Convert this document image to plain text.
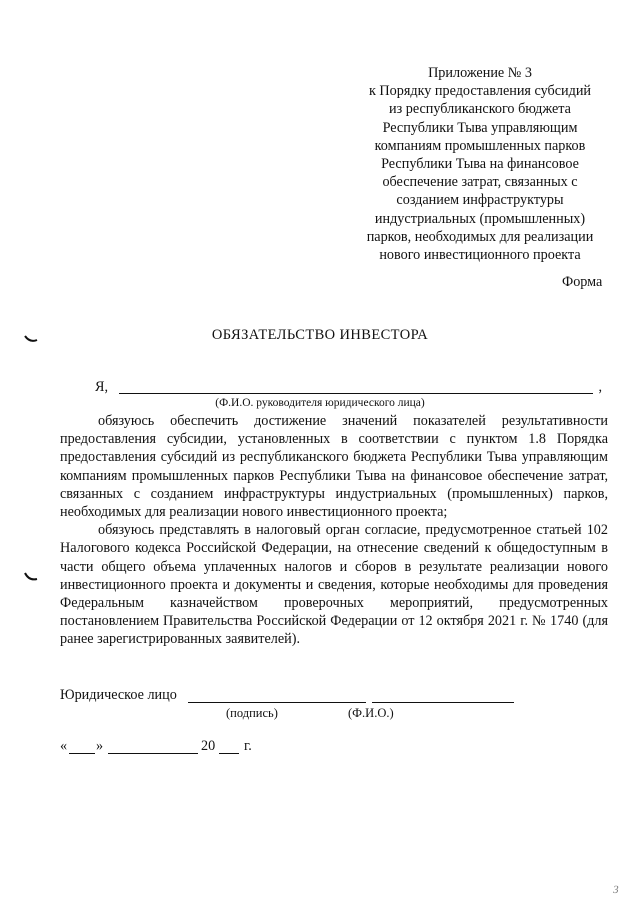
Приложение № 3
к Порядку предоставления субсидий
из республиканского бюджета
Республики Тыва управляющим
компаниям промышленных парков
Республики Тыва на финансовое
обеспечение затрат, связанных с
созданием инфраструктуры
индустриальных (промышленных)
парков, необходимых для реализации
нового инвестиционного проекта
Форма
ОБЯЗАТЕЛЬСТВО ИНВЕСТОРА
Я,	,
(Ф.И.О. руководителя юридического лица)

обязуюсь обеспечить достижение значений показателей результативности предоставления субсидии, установленных в соответствии с пунктом 1.8 Порядка предоставления субсидий из республиканского бюджета Республики Тыва управляющим компаниям промышленных парков Республики Тыва на финансовое обеспечение затрат, связанных с созданием инфраструктуры индустриальных (промышленных) парков, необходимых для реализации нового инвестиционного проекта;

обязуюсь представлять в налоговый орган согласие, предусмотренное статьей 102 Налогового кодекса Российской Федерации, на отнесение сведений к общедоступным в части общего объема уплаченных налогов и сборов в результате реализации нового инвестиционного проекта и документы и сведения, которые необходимы для проведения Федеральным казначейством проверочных мероприятий, предусмотренных постановлением Правительства Российской Федерации от 12 октября 2021 г. № 1740 (для ранее зарегистрированных заявителей).

Юридическое лицо
(подпись)	(Ф.И.О.)
« »	20 г.
3
